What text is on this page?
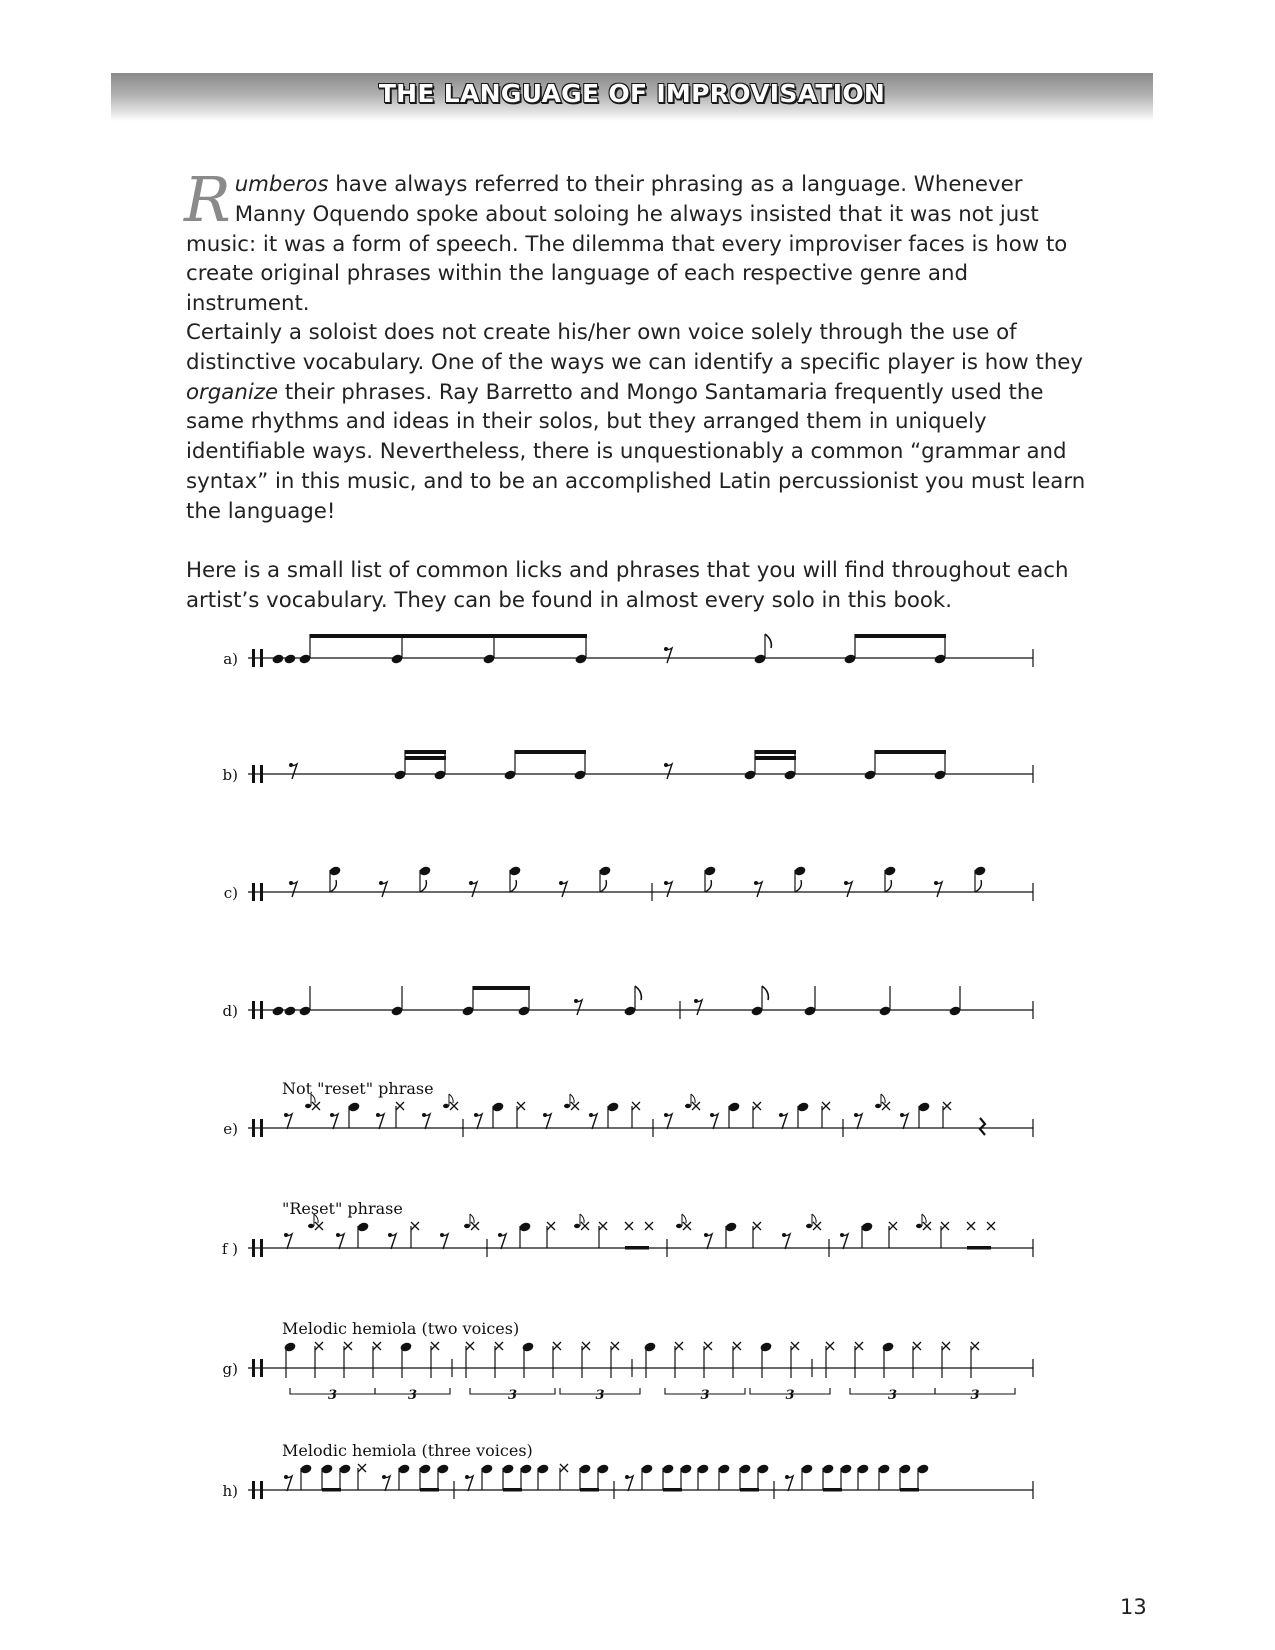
THE LANGUAGE OF IMPROVISATION
Rumberos have always referred to their phrasing as a language. Whenever Manny Oquendo spoke about soloing he always insisted that it was not just music: it was a form of speech. The dilemma that every improviser faces is how to create original phrases within the language of each respective genre and instrument.
Certainly a soloist does not create his/her own voice solely through the use of distinctive vocabulary. One of the ways we can identify a specific player is how they organize their phrases. Ray Barretto and Mongo Santamaria frequently used the same rhythms and ideas in their solos, but they arranged them in uniquely identifiable ways. Nevertheless, there is unquestionably a common “grammar and syntax” in this music, and to be an accomplished Latin percussionist you must learn the language!
Here is a small list of common licks and phrases that you will find throughout each artist’s vocabulary. They can be found in almost every solo in this book.
a)
b)
c)
d)
e)
Not "reset" phrase
f )
"Reset" phrase
g)
Melodic hemiola (two voices)
3	3	3	3	3	3	3	3
h)
Melodic hemiola (three voices)
13
